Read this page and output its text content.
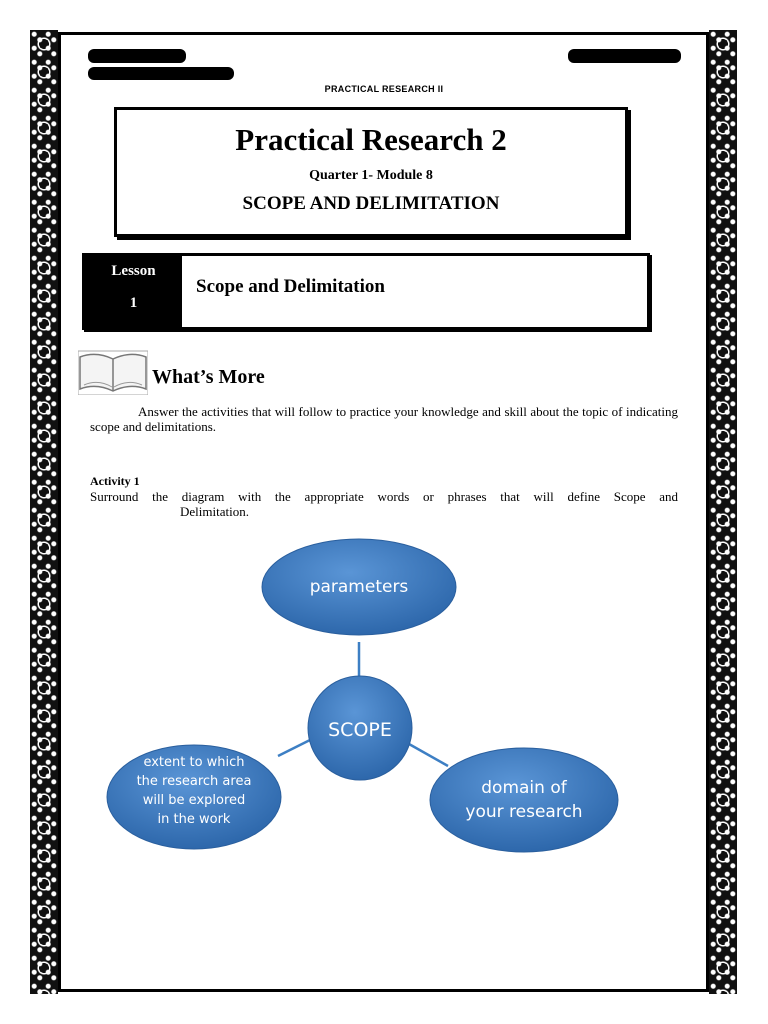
PRACTICAL RESEARCH II
Practical Research 2
Quarter 1- Module 8
SCOPE AND DELIMITATION
Lesson
1
Scope and Delimitation
What’s More
Answer the activities that will follow to practice your knowledge and skill about the topic of indicating scope and delimitations.
Activity 1
Surround the diagram with the appropriate words or phrases that will define Scope and
Delimitation.
parameters
SCOPE
extent to which
the research area
will be explored
in the work
domain of
your research
